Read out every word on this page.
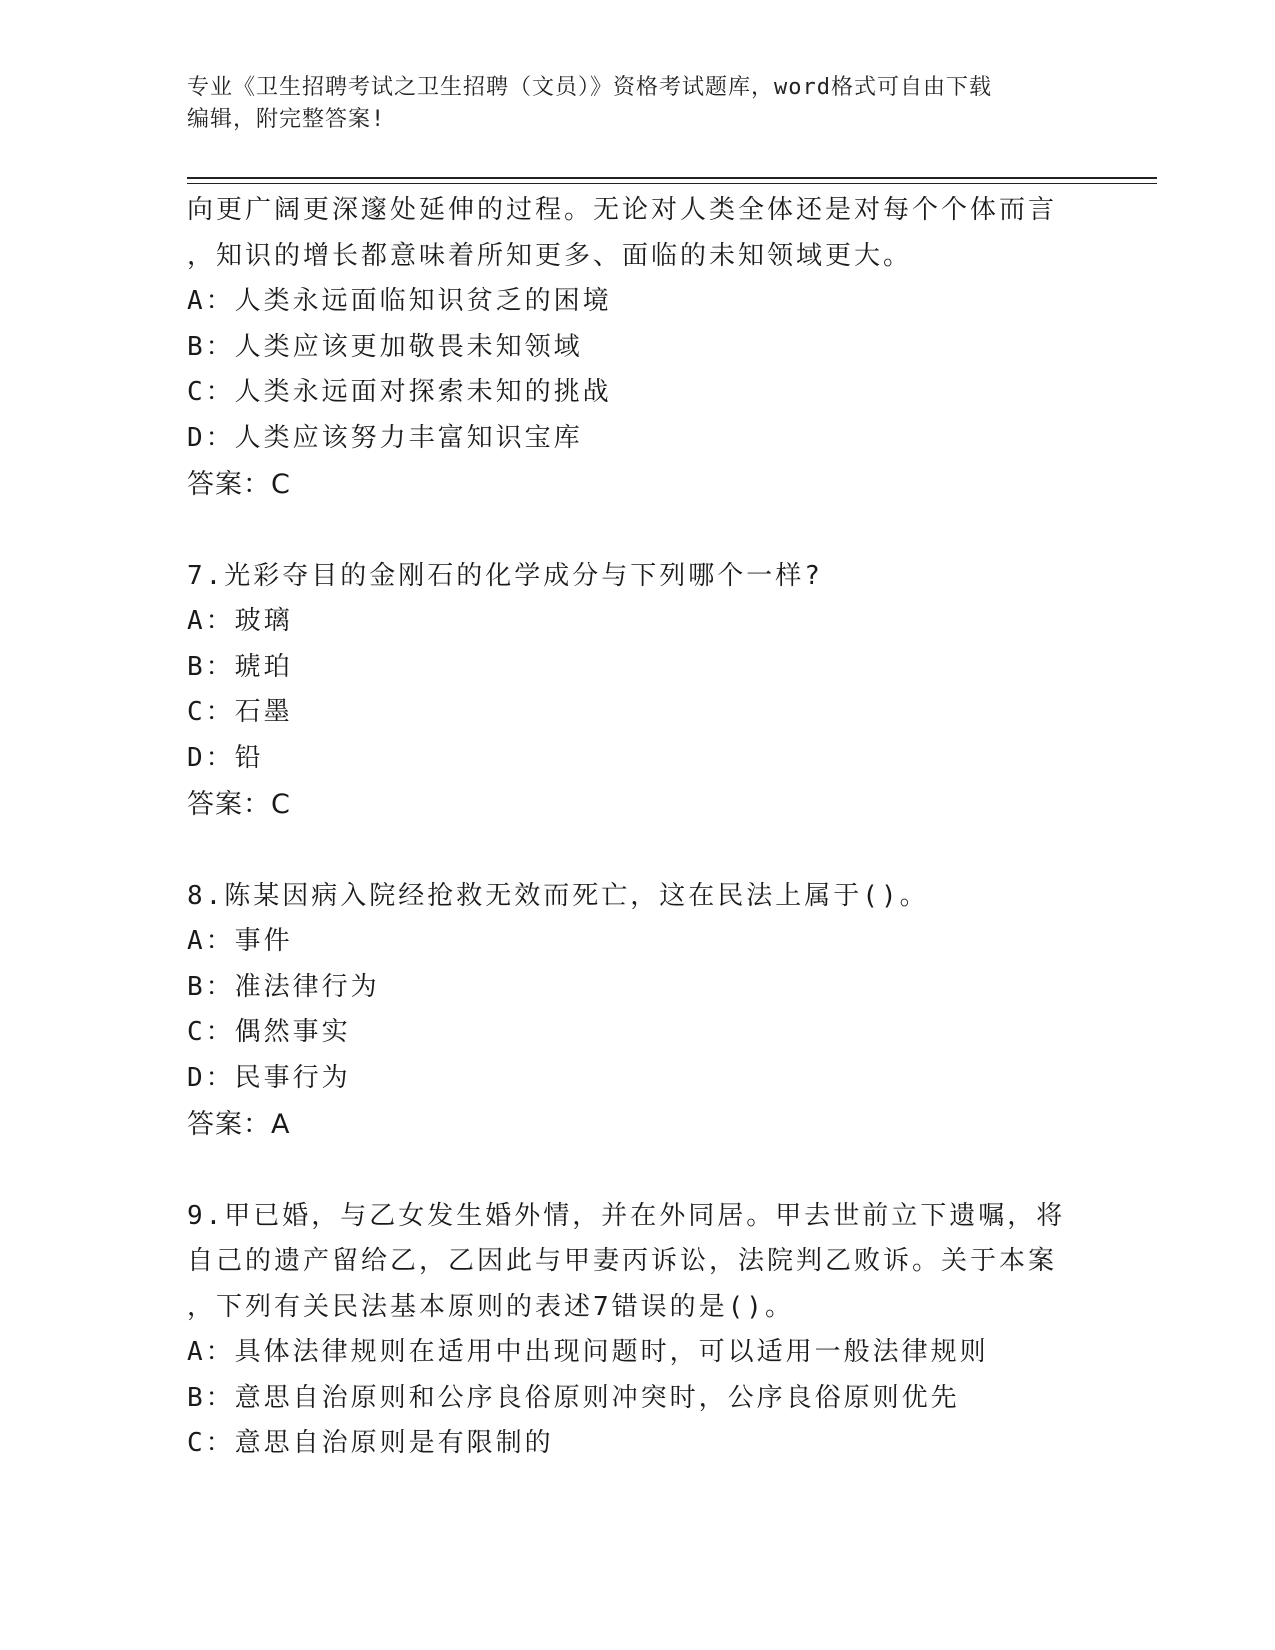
专业《卫生招聘考试之卫生招聘（文员）》资格考试题库，word格式可自由下载
编辑，附完整答案!
向更广阔更深邃处延伸的过程。无论对人类全体还是对每个个体而言
，知识的增长都意味着所知更多、面临的未知领域更大。
A：人类永远面临知识贫乏的困境
B：人类应该更加敬畏未知领域
C：人类永远面对探索未知的挑战
D：人类应该努力丰富知识宝库
答案：C
7.光彩夺目的金刚石的化学成分与下列哪个一样?
A：玻璃
B：琥珀
C：石墨
D：铅
答案：C
8.陈某因病入院经抢救无效而死亡，这在民法上属于()。
A：事件
B：准法律行为
C：偶然事实
D：民事行为
答案：A
9.甲已婚，与乙女发生婚外情，并在外同居。甲去世前立下遗嘱，将
自己的遗产留给乙，乙因此与甲妻丙诉讼，法院判乙败诉。关于本案
，下列有关民法基本原则的表述7错误的是()。
A：具体法律规则在适用中出现问题时，可以适用一般法律规则
B：意思自治原则和公序良俗原则冲突时，公序良俗原则优先
C：意思自治原则是有限制的
